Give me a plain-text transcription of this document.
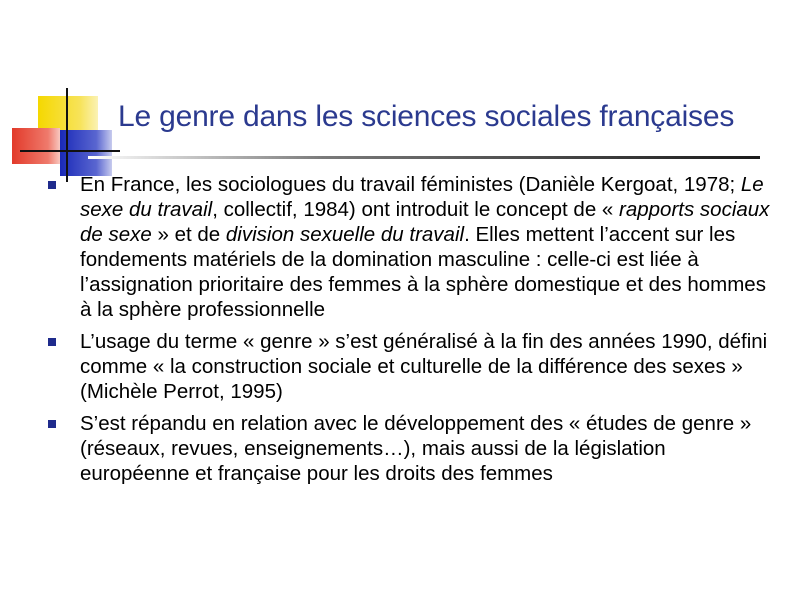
Le genre dans les sciences sociales françaises
En France, les sociologues du travail féministes (Danièle Kergoat, 1978; Le sexe du travail, collectif, 1984) ont introduit le concept de « rapports sociaux de sexe » et de division sexuelle du travail. Elles mettent l’accent sur les fondements matériels de la domination masculine : celle-ci est liée à l’assignation prioritaire des femmes à la sphère domestique et des hommes à la sphère professionnelle
L’usage du terme « genre » s’est généralisé à la fin des années 1990, défini comme « la construction sociale et culturelle de la différence des sexes » (Michèle Perrot, 1995)
S’est répandu en relation avec le développement des « études de genre » (réseaux, revues, enseignements…), mais aussi de la législation européenne et française pour les droits des femmes
